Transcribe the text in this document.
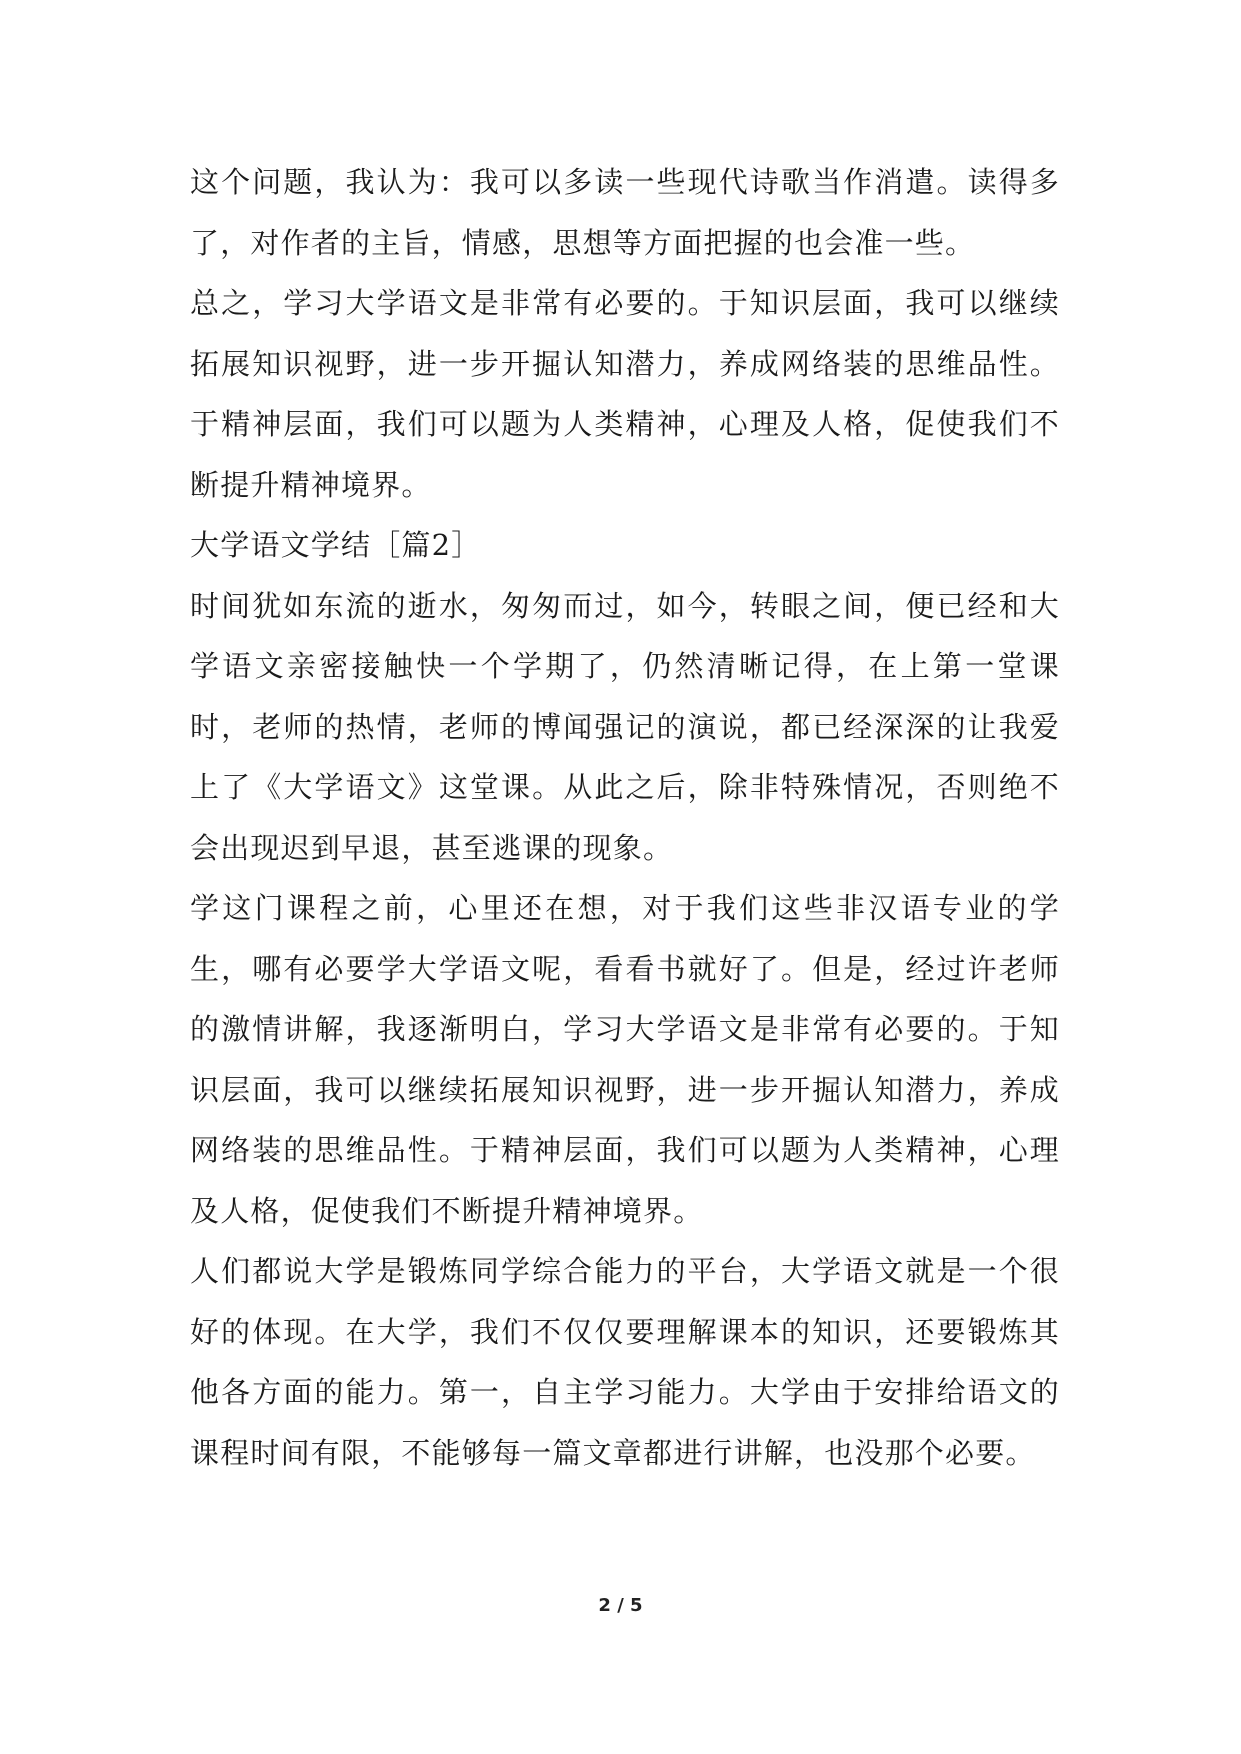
这个问题，我认为：我可以多读一些现代诗歌当作消遣。读得多了，对作者的主旨，情感，思想等方面把握的也会准一些。

总之，学习大学语文是非常有必要的。于知识层面，我可以继续拓展知识视野，进一步开掘认知潜力，养成网络装的思维品性。于精神层面，我们可以题为人类精神，心理及人格，促使我们不断提升精神境界。

大学语文学结［篇2］

时间犹如东流的逝水，匆匆而过，如今，转眼之间，便已经和大学语文亲密接触快一个学期了，仍然清晰记得，在上第一堂课时，老师的热情，老师的博闻强记的演说，都已经深深的让我爱上了《大学语文》这堂课。从此之后，除非特殊情况，否则绝不会出现迟到早退，甚至逃课的现象。

学这门课程之前，心里还在想，对于我们这些非汉语专业的学生，哪有必要学大学语文呢，看看书就好了。但是，经过许老师的激情讲解，我逐渐明白，学习大学语文是非常有必要的。于知识层面，我可以继续拓展知识视野，进一步开掘认知潜力，养成网络装的思维品性。于精神层面，我们可以题为人类精神，心理及人格，促使我们不断提升精神境界。

人们都说大学是锻炼同学综合能力的平台，大学语文就是一个很好的体现。在大学，我们不仅仅要理解课本的知识，还要锻炼其他各方面的能力。第一，自主学习能力。大学由于安排给语文的课程时间有限，不能够每一篇文章都进行讲解，也没那个必要。

2 / 5
